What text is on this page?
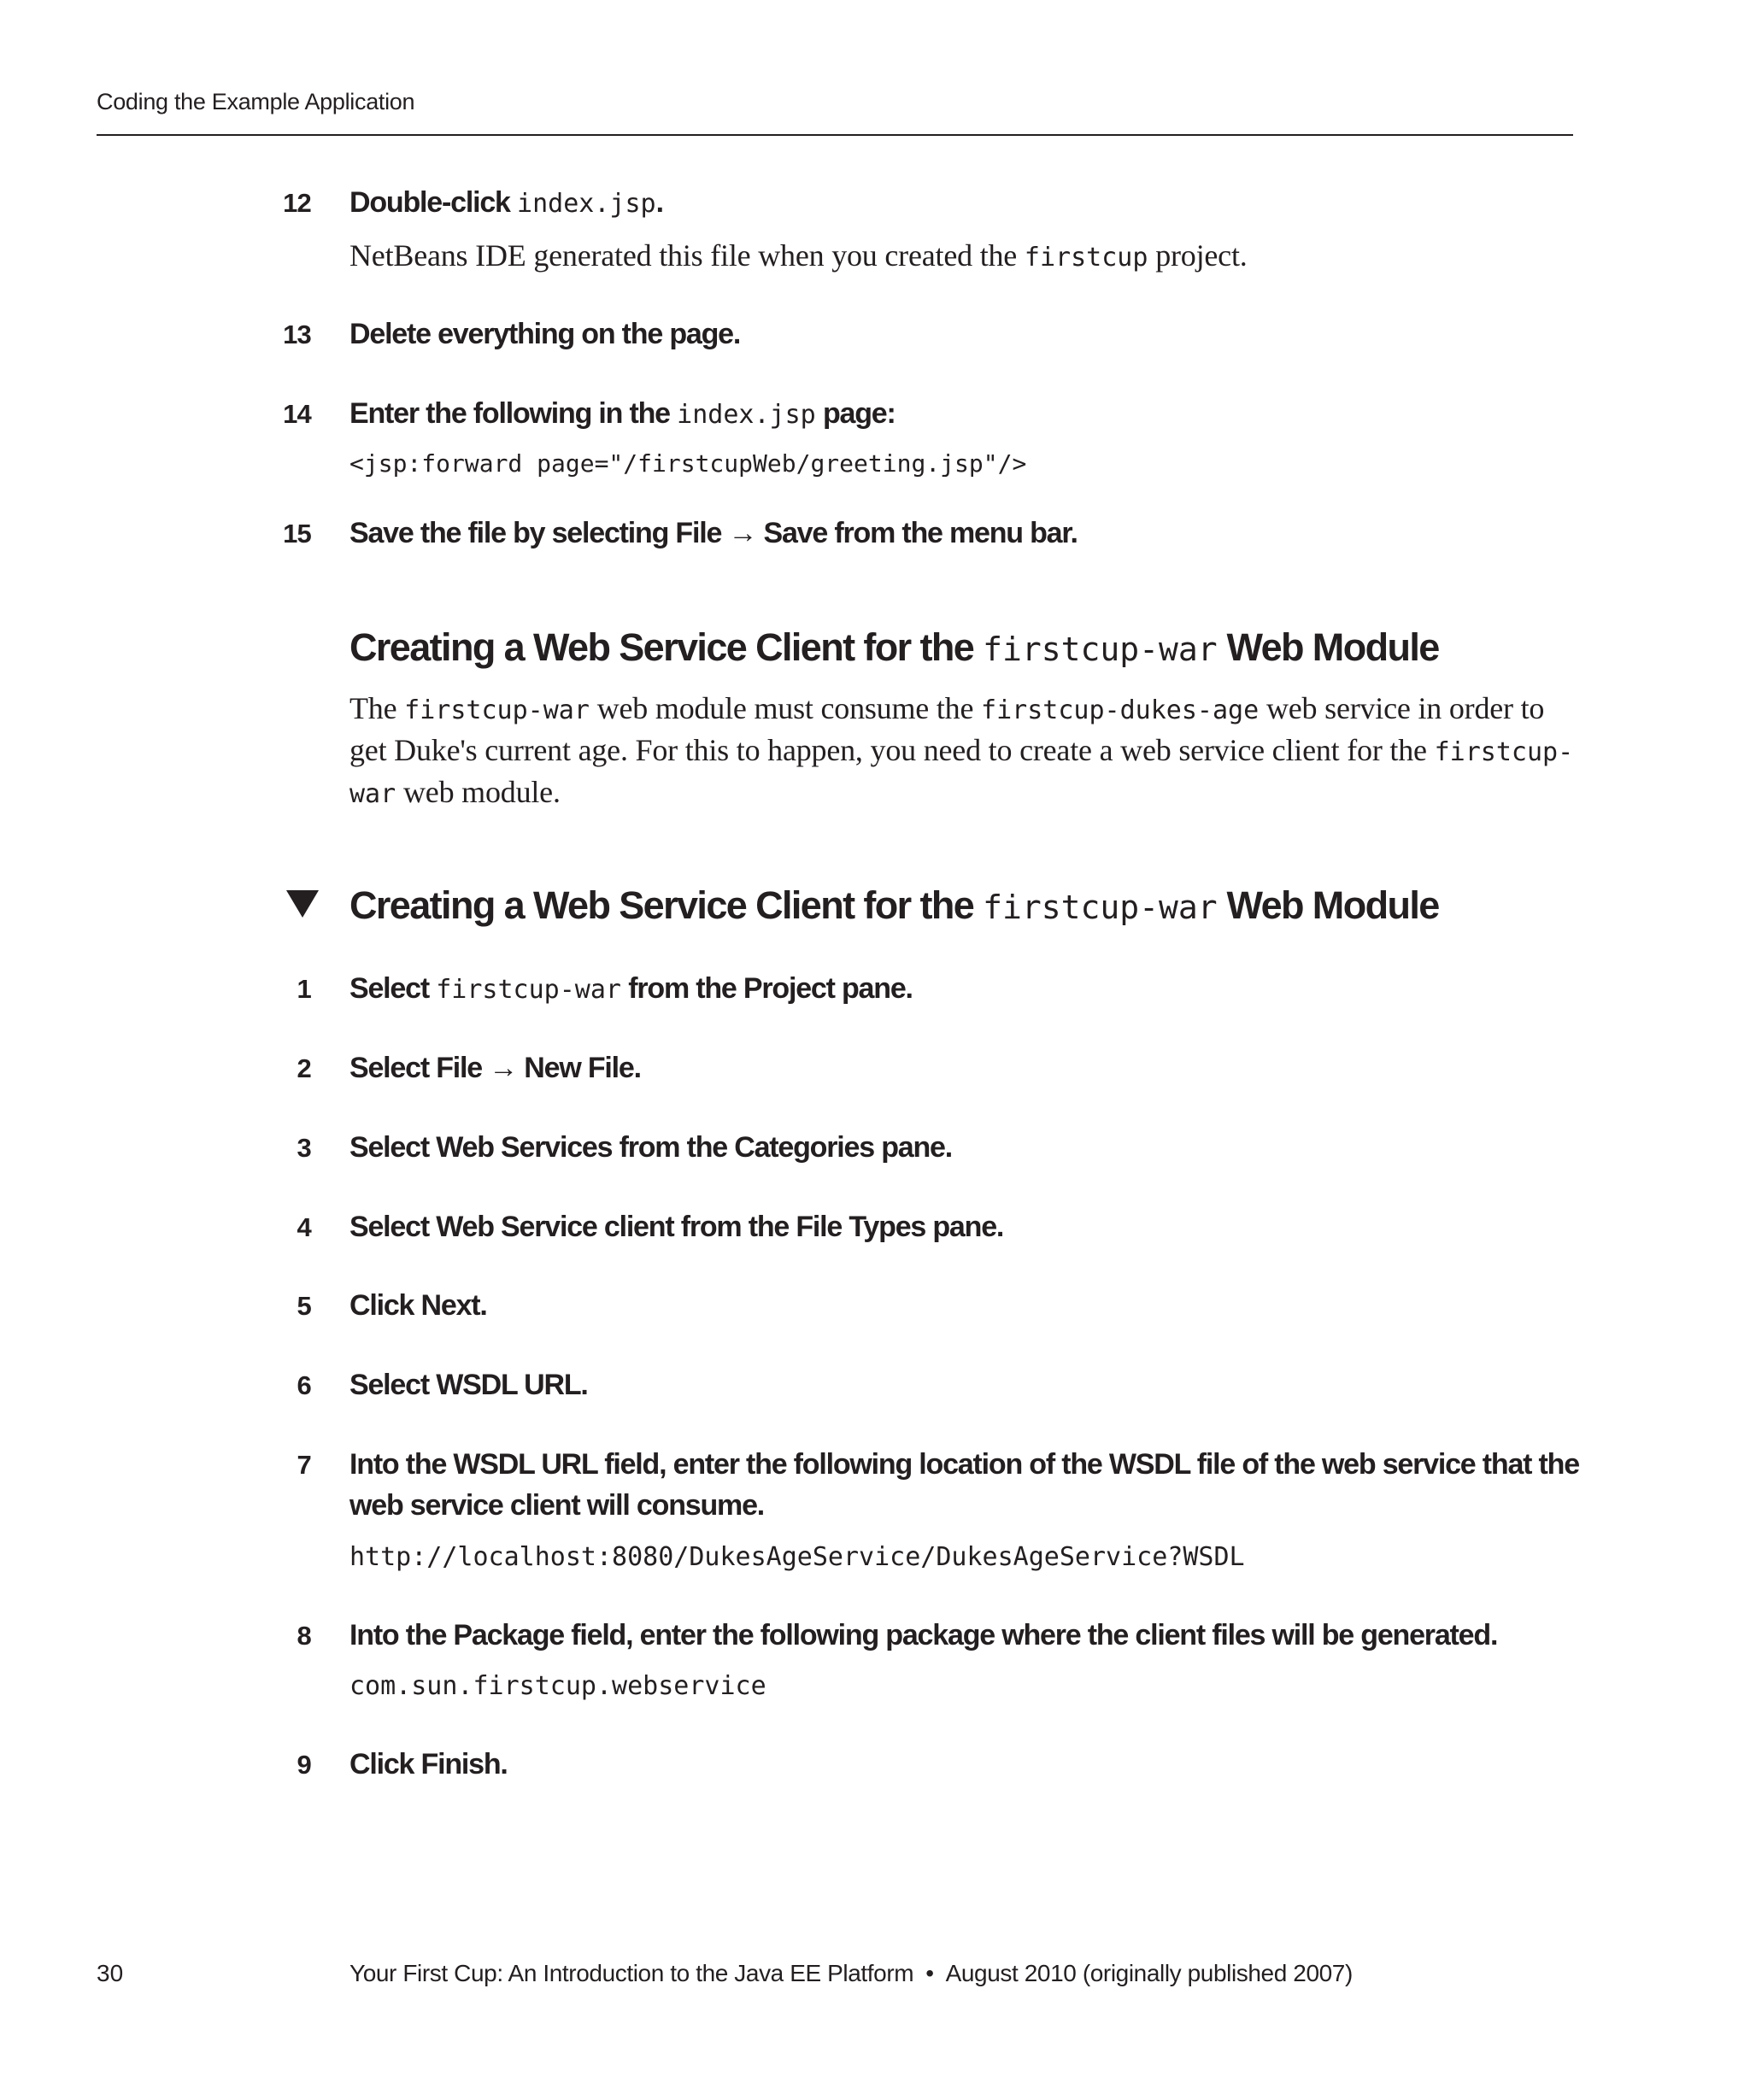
Coding the Example Application
12 Double-click index.jsp.
NetBeans IDE generated this file when you created the firstcup project.
13 Delete everything on the page.
14 Enter the following in the index.jsp page:
<jsp:forward page="/firstcupWeb/greeting.jsp"/>
15 Save the file by selecting File → Save from the menu bar.
Creating a Web Service Client for the firstcup-war Web Module
The firstcup-war web module must consume the firstcup-dukes-age web service in order to get Duke's current age. For this to happen, you need to create a web service client for the firstcup-war web module.
Creating a Web Service Client for the firstcup-war Web Module
1 Select firstcup-war from the Project pane.
2 Select File → New File.
3 Select Web Services from the Categories pane.
4 Select Web Service client from the File Types pane.
5 Click Next.
6 Select WSDL URL.
7 Into the WSDL URL field, enter the following location of the WSDL file of the web service that the web service client will consume.
http://localhost:8080/DukesAgeService/DukesAgeService?WSDL
8 Into the Package field, enter the following package where the client files will be generated.
com.sun.firstcup.webservice
9 Click Finish.
30	Your First Cup: An Introduction to the Java EE Platform • August 2010 (originally published 2007)
